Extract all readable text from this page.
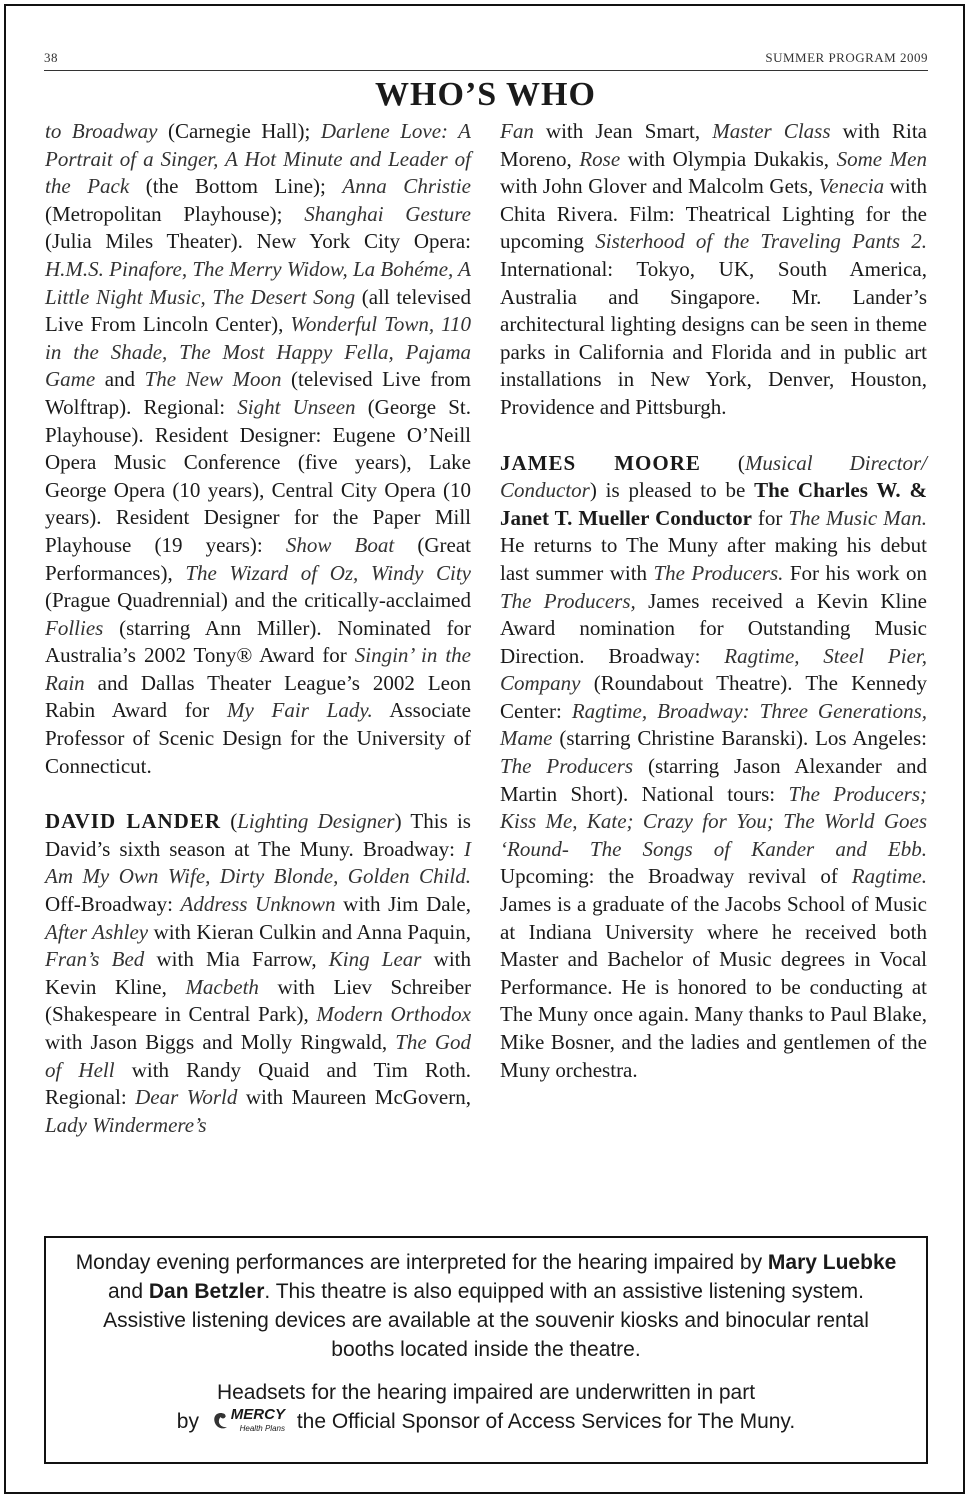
38	SUMMER PROGRAM 2009
WHO’S WHO

to Broadway (Carnegie Hall); Darlene Love: A Portrait of a Singer, A Hot Minute and Leader of the Pack (the Bottom Line); Anna Christie (Metropolitan Playhouse); Shanghai Gesture (Julia Miles Theater). New York City Opera: H.M.S. Pinafore, The Merry Widow, La Bohéme, A Little Night Music, The Desert Song (all televised Live From Lincoln Center), Wonderful Town, 110 in the Shade, The Most Happy Fella, Pajama Game and The New Moon (televised Live from Wolftrap). Regional: Sight Unseen (George St. Playhouse). Resident Designer: Eugene O’Neill Opera Music Conference (five years), Lake George Opera (10 years), Central City Opera (10 years). Resident Designer for the Paper Mill Playhouse (19 years): Show Boat (Great Performances), The Wizard of Oz, Windy City (Prague Quadrennial) and the critically-acclaimed Follies (starring Ann Miller). Nominated for Australia’s 2002 Tony® Award for Singin’ in the Rain and Dallas Theater League’s 2002 Leon Rabin Award for My Fair Lady. Associate Professor of Scenic Design for the University of Connecticut.

DAVID LANDER (Lighting Designer) This is David’s sixth season at The Muny. Broadway: I Am My Own Wife, Dirty Blonde, Golden Child. Off-Broadway: Address Unknown with Jim Dale, After Ashley with Kieran Culkin and Anna Paquin, Fran’s Bed with Mia Farrow, King Lear with Kevin Kline, Macbeth with Liev Schreiber (Shakespeare in Central Park), Modern Orthodox with Jason Biggs and Molly Ringwald, The God of Hell with Randy Quaid and Tim Roth. Regional: Dear World with Maureen McGovern, Lady Windermere’s

Fan with Jean Smart, Master Class with Rita Moreno, Rose with Olympia Dukakis, Some Men with John Glover and Malcolm Gets, Venecia with Chita Rivera. Film: Theatrical Lighting for the upcoming Sisterhood of the Traveling Pants 2. International: Tokyo, UK, South America, Australia and Singapore. Mr. Lander’s architectural lighting designs can be seen in theme parks in California and Florida and in public art installations in New York, Denver, Houston, Providence and Pittsburgh.

JAMES MOORE (Musical Director/ Conductor) is pleased to be The Charles W. & Janet T. Mueller Conductor for The Music Man. He returns to The Muny after making his debut last summer with The Producers. For his work on The Producers, James received a Kevin Kline Award nomination for Outstanding Music Direction. Broadway: Ragtime, Steel Pier, Company (Roundabout Theatre). The Kennedy Center: Ragtime, Broadway: Three Generations, Mame (starring Christine Baranski). Los Angeles: The Producers (starring Jason Alexander and Martin Short). National tours: The Producers; Kiss Me, Kate; Crazy for You; The World Goes ‘Round- The Songs of Kander and Ebb. Upcoming: the Broadway revival of Ragtime. James is a graduate of the Jacobs School of Music at Indiana University where he received both Master and Bachelor of Music degrees in Vocal Performance. He is honored to be conducting at The Muny once again. Many thanks to Paul Blake, Mike Bosner, and the ladies and gentlemen of the Muny orchestra.

Monday evening performances are interpreted for the hearing impaired by Mary Luebke and Dan Betzler. This theatre is also equipped with an assistive listening system. Assistive listening devices are available at the souvenir kiosks and binocular rental booths located inside the theatre.

Headsets for the hearing impaired are underwritten in part
by MERCY
Health Plans the Official Sponsor of Access Services for The Muny.
